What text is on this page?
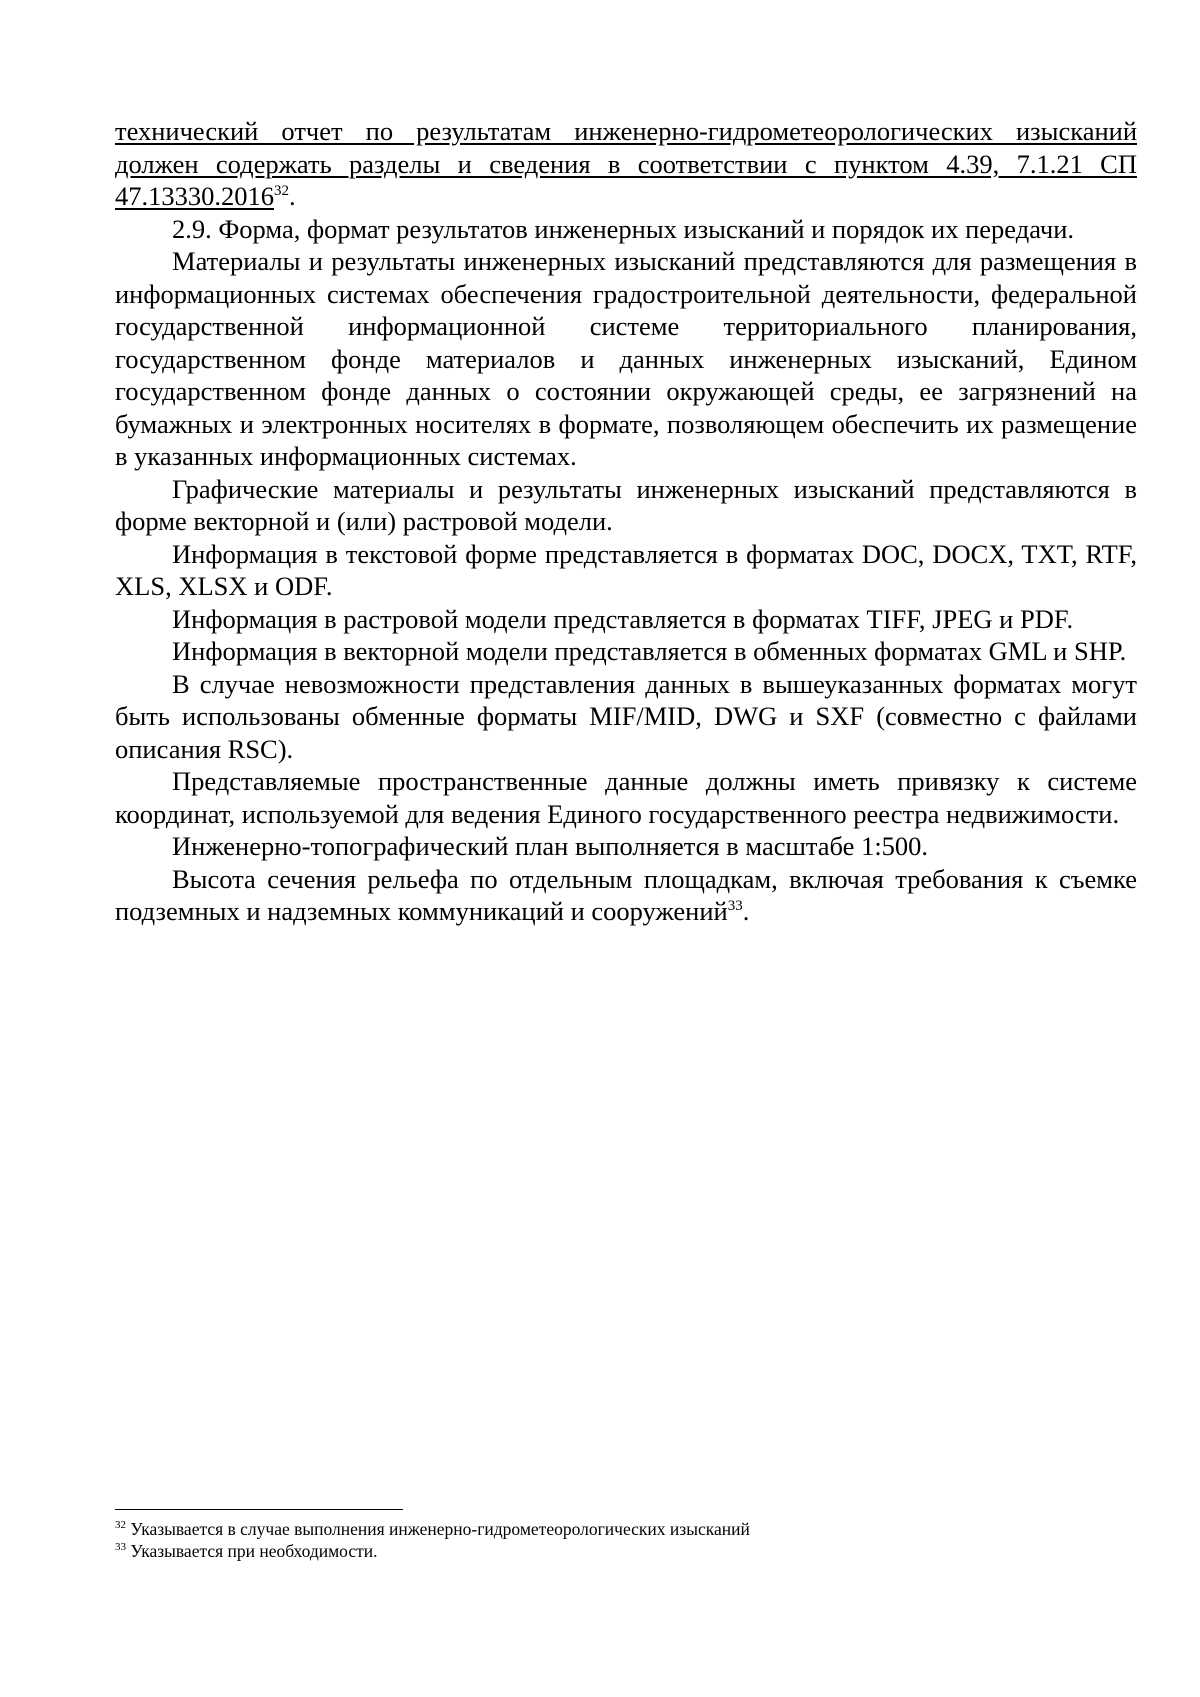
технический отчет по результатам инженерно-гидрометеорологических изысканий должен содержать разделы и сведения в соответствии с пунктом 4.39, 7.1.21 СП 47.13330.2016$^{32}$.

2.9. Форма, формат результатов инженерных изысканий и порядок их передачи.

Материалы и результаты инженерных изысканий представляются для размещения в информационных системах обеспечения градостроительной деятельности, федеральной государственной информационной системе территориального планирования, государственном фонде материалов и данных инженерных изысканий, Едином государственном фонде данных о состоянии окружающей среды, ее загрязнений на бумажных и электронных носителях в формате, позволяющем обеспечить их размещение в указанных информационных системах.

Графические материалы и результаты инженерных изысканий представляются в форме векторной и (или) растровой модели.

Информация в текстовой форме представляется в форматах DOC, DOCX, TXT, RTF, XLS, XLSX и ODF.

Информация в растровой модели представляется в форматах TIFF, JPEG и PDF.

Информация в векторной модели представляется в обменных форматах GML и SHP.

В случае невозможности представления данных в вышеуказанных форматах могут быть использованы обменные форматы MIF/MID, DWG и SXF (совместно с файлами описания RSC).

Представляемые пространственные данные должны иметь привязку к системе координат, используемой для ведения Единого государственного реестра недвижимости.

Инженерно-топографический план выполняется в масштабе 1:500.

Высота сечения рельефа по отдельным площадкам, включая требования к съемке подземных и надземных коммуникаций и сооружений$^{33}$.

$^{32}$ Указывается в случае выполнения инженерно-гидрометеорологических изысканий

$^{33}$ Указывается при необходимости.
